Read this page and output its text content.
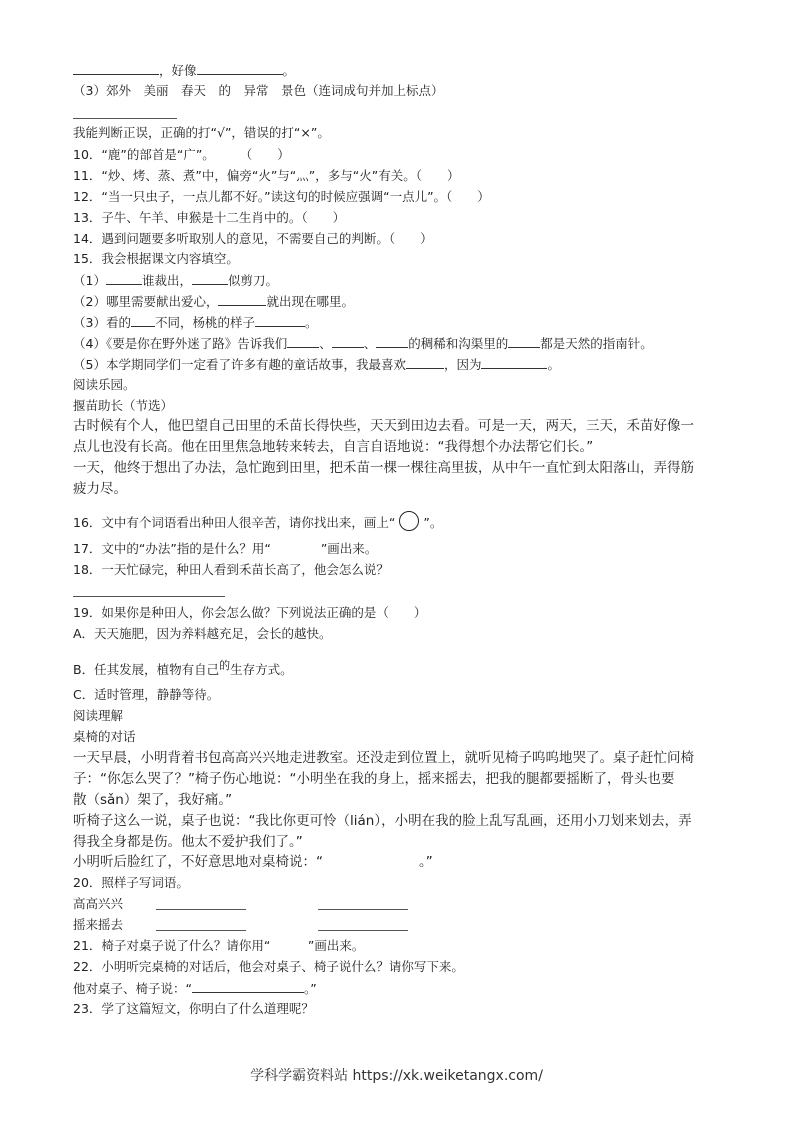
，好像	。
（3）郊外　美丽　春天　的　异常　景色（连词成句并加上标点）
我能判断正误，正确的打“√”，错误的打“×”。
10．“鹿”的部首是“广”。　　　（　　）
11．“炒、烤、蒸、煮”中，偏旁“火”与“灬”，多与“火”有关。（　　）
12．“当一只虫子，一点儿都不好。”读这句的时候应强调“一点儿”。（　　）
13．子牛、午羊、申猴是十二生肖中的。（　　）
14．遇到问题要多听取别人的意见，不需要自己的判断。（　　）
15．我会根据课文内容填空。
（1）	谁裁出，	似剪刀。
（2）哪里需要献出爱心，	就出现在哪里。
（3）看的 不同，杨桃的样子	。
（4）《要是你在野外迷了路》告诉我们	、	、	的稠稀和沟渠里的	都是天然的指南针。
（5）本学期同学们一定看了许多有趣的童话故事，我最喜欢	，因为	。
阅读乐园。
揠苗助长（节选）
古时候有个人，他巴望自己田里的禾苗长得快些，天天到田边去看。可是一天，两天，三天，禾苗好像一
点儿也没有长高。他在田里焦急地转来转去，自言自语地说：“我得想个办法帮它们长。”
一天，他终于想出了办法，急忙跑到田里，把禾苗一棵一棵往高里拔，从中午一直忙到太阳落山，弄得筋
疲力尽。
16．文中有个词语看出种田人很辛苦，请你找出来，画上“ ○ ”。
17．文中的“办法”指的是什么？用“　　　　”画出来。
18．一天忙碌完，种田人看到禾苗长高了，他会怎么说？
19．如果你是种田人，你会怎么做？下列说法正确的是（　　）
A．天天施肥，因为养料越充足，会长的越快。
B．任其发展，植物有自己的生存方式。
C．适时管理，静静等待。
阅读理解
桌椅的对话
一天早晨，小明背着书包高高兴兴地走进教室。还没走到位置上，就听见椅子呜呜地哭了。桌子赶忙问椅
子：“你怎么哭了？”椅子伤心地说：“小明坐在我的身上，摇来摇去，把我的腿都要摇断了，骨头也要
散（sǎn）架了，我好痛。”
听椅子这么一说，桌子也说：“我比你更可怜（lián），小明在我的脸上乱写乱画，还用小刀划来划去，弄
得我全身都是伤。他太不爱护我们了。”
小明听后脸红了，不好意思地对桌椅说：“	。”
20．照样子写词语。
高高兴兴
摇来摇去
21．椅子对桌子说了什么？请你用“　　　”画出来。
22．小明听完桌椅的对话后，他会对桌子、椅子说什么？请你写下来。
他对桌子、椅子说：“	。”
23．学了这篇短文，你明白了什么道理呢？
学科学霸资料站 https://xk.weiketangx.com/
